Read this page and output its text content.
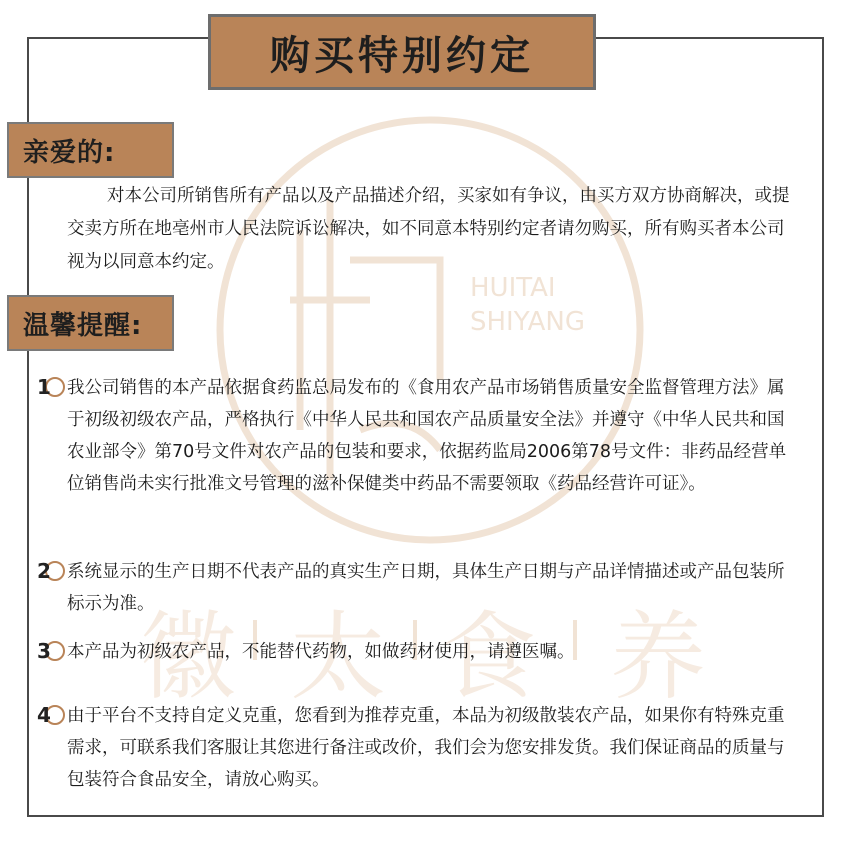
HUITAI
SHIYANG
徽 太 食 养
购买特别约定
亲爱的:
对本公司所销售所有产品以及产品描述介绍，买家如有争议，由买方双方协商解决，或提交卖方所在地亳州市人民法院诉讼解决，如不同意本特别约定者请勿购买，所有购买者本公司视为以同意本约定。
温馨提醒:
1 我公司销售的本产品依据食药监总局发布的《食用农产品市场销售质量安全监督管理方法》属于初级初级农产品，严格执行《中华人民共和国农产品质量安全法》并遵守《中华人民共和国农业部令》第70号文件对农产品的包装和要求，依据药监局2006第78号文件：非药品经营单位销售尚未实行批准文号管理的滋补保健类中药品不需要领取《药品经营许可证》。
2 系统显示的生产日期不代表产品的真实生产日期，具体生产日期与产品详情描述或产品包装所标示为准。
3 本产品为初级农产品，不能替代药物，如做药材使用，请遵医嘱。
4 由于平台不支持自定义克重，您看到为推荐克重，本品为初级散装农产品，如果你有特殊克重需求，可联系我们客服让其您进行备注或改价，我们会为您安排发货。我们保证商品的质量与包装符合食品安全，请放心购买。
